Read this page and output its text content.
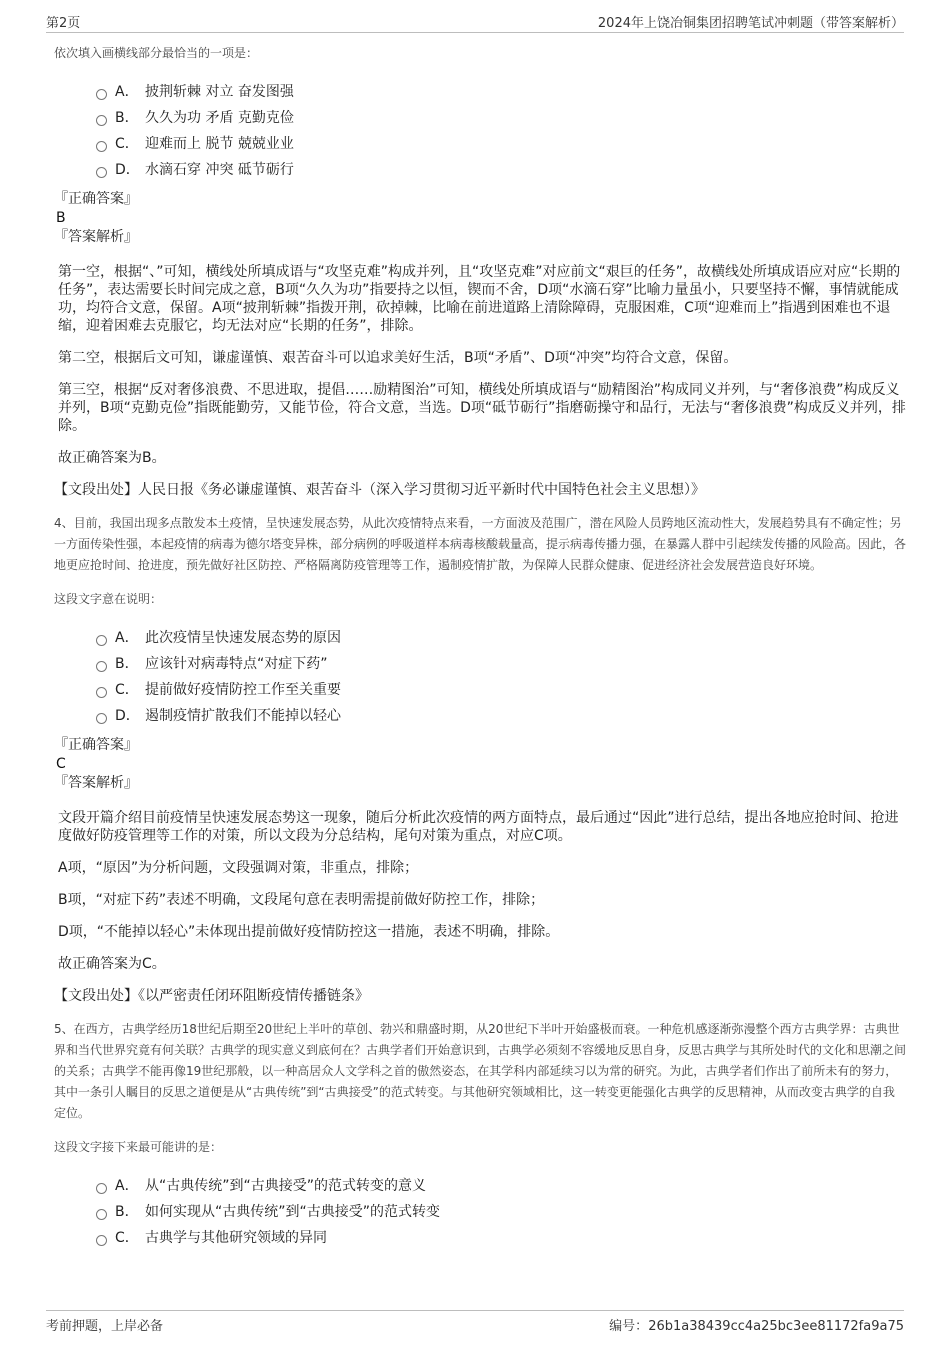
第2页	2024年上饶冶铜集团招聘笔试冲刺题（带答案解析）
依次填入画横线部分最恰当的一项是：
A． 披荆斩棘 对立 奋发图强
B． 久久为功 矛盾 克勤克俭
C． 迎难而上 脱节 兢兢业业
D． 水滴石穿 冲突 砥节砺行
『正确答案』
B
『答案解析』
第一空，根据“、”可知，横线处所填成语与“攻坚克难”构成并列，且“攻坚克难”对应前文“艰巨的任务”，故横线处所填成语应对应“长期的任务”，表达需要长时间完成之意，B项“久久为功”指要持之以恒，锲而不舍，D项“水滴石穿”比喻力量虽小，只要坚持不懈，事情就能成功，均符合文意，保留。A项“披荆斩棘”指拨开荆，砍掉棘，比喻在前进道路上清除障碍，克服困难，C项“迎难而上”指遇到困难也不退缩，迎着困难去克服它，均无法对应“长期的任务”，排除。
第二空，根据后文可知，谦虚谨慎、艰苦奋斗可以追求美好生活，B项“矛盾”、D项“冲突”均符合文意，保留。
第三空，根据“反对奢侈浪费、不思进取，提倡……励精图治”可知，横线处所填成语与“励精图治”构成同义并列，与“奢侈浪费”构成反义并列，B项“克勤克俭”指既能勤劳，又能节俭，符合文意，当选。D项“砥节砺行”指磨砺操守和品行，无法与“奢侈浪费”构成反义并列，排除。
故正确答案为B。
【文段出处】人民日报《务必谦虚谨慎、艰苦奋斗（深入学习贯彻习近平新时代中国特色社会主义思想）》
4、目前，我国出现多点散发本土疫情，呈快速发展态势，从此次疫情特点来看，一方面波及范围广，潜在风险人员跨地区流动性大，发展趋势具有不确定性；另一方面传染性强，本起疫情的病毒为德尔塔变异株，部分病例的呼吸道样本病毒核酸载量高，提示病毒传播力强，在暴露人群中引起续发传播的风险高。因此，各地更应抢时间、抢进度，预先做好社区防控、严格隔离防疫管理等工作，遏制疫情扩散，为保障人民群众健康、促进经济社会发展营造良好环境。
这段文字意在说明：
A． 此次疫情呈快速发展态势的原因
B． 应该针对病毒特点“对症下药”
C． 提前做好疫情防控工作至关重要
D． 遏制疫情扩散我们不能掉以轻心
『正确答案』
C
『答案解析』
文段开篇介绍目前疫情呈快速发展态势这一现象，随后分析此次疫情的两方面特点，最后通过“因此”进行总结，提出各地应抢时间、抢进度做好防疫管理等工作的对策，所以文段为分总结构，尾句对策为重点，对应C项。
A项，“原因”为分析问题，文段强调对策，非重点，排除；
B项，“对症下药”表述不明确，文段尾句意在表明需提前做好防控工作，排除；
D项，“不能掉以轻心”未体现出提前做好疫情防控这一措施，表述不明确，排除。
故正确答案为C。
【文段出处】《以严密责任闭环阻断疫情传播链条》
5、在西方，古典学经历18世纪后期至20世纪上半叶的草创、勃兴和鼎盛时期，从20世纪下半叶开始盛极而衰。一种危机感逐渐弥漫整个西方古典学界：古典世界和当代世界究竟有何关联？古典学的现实意义到底何在？古典学者们开始意识到，古典学必须刻不容缓地反思自身，反思古典学与其所处时代的文化和思潮之间的关系；古典学不能再像19世纪那般，以一种高居众人文学科之首的傲然姿态，在其学科内部延续习以为常的研究。为此，古典学者们作出了前所未有的努力，其中一条引人瞩目的反思之道便是从“古典传统”到“古典接受”的范式转变。与其他研究领域相比，这一转变更能强化古典学的反思精神，从而改变古典学的自我定位。
这段文字接下来最可能讲的是：
A． 从“古典传统”到“古典接受”的范式转变的意义
B． 如何实现从“古典传统”到“古典接受”的范式转变
C． 古典学与其他研究领域的异同
考前押题，上岸必备	编号：26b1a38439cc4a25bc3ee81172fa9a75
